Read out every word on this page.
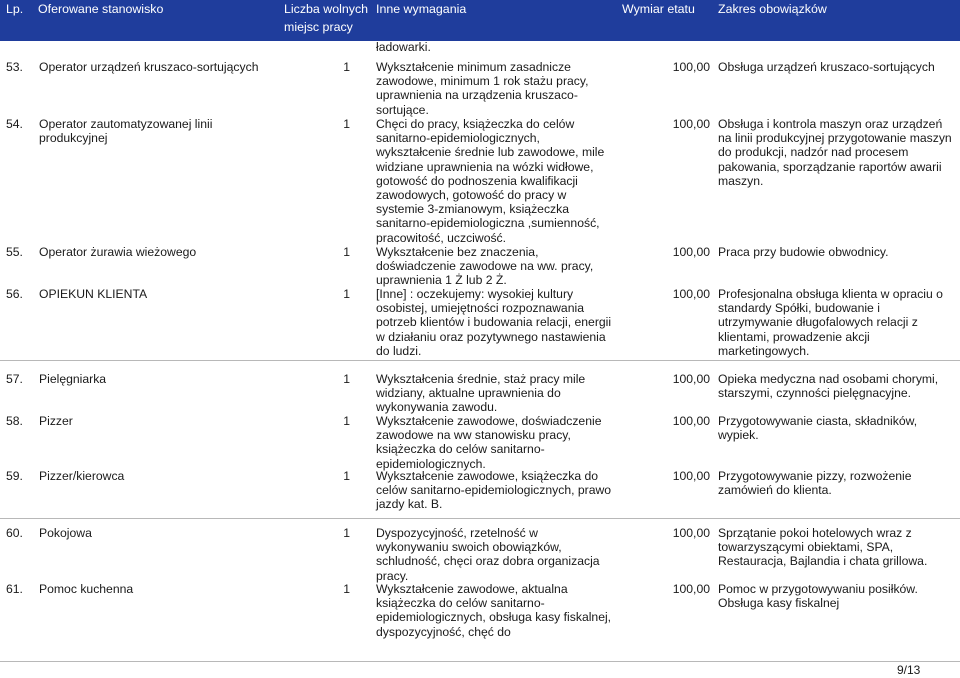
Lp. Oferowane stanowisko	Liczba wolnych
miejsc pracy
Inne wymagania	Wymiar etatu Zakres obowiązków
ładowarki.
53. Operator urządzeń kruszaco-sortujących	1 Wykształcenie minimum zasadnicze
zawodowe, minimum 1 rok stażu pracy,
uprawnienia na urządzenia kruszaco-
sortujące.
100,00 Obsługa urządzeń kruszaco-sortujących
54. Operator zautomatyzowanej linii
produkcyjnej
1 Chęci do pracy, książeczka do celów
sanitarno-epidemiologicznych,
wykształcenie średnie lub zawodowe, mile
widziane uprawnienia na wózki widłowe,
gotowość do podnoszenia kwalifikacji
zawodowych, gotowość do pracy w
systemie 3-zmianowym, książeczka
sanitarno-epidemiologiczna ,sumienność,
pracowitość, uczciwość.
100,00 Obsługa i kontrola maszyn oraz urządzeń
na linii produkcyjnej przygotowanie maszyn
do produkcji, nadzór nad procesem
pakowania, sporządzanie raportów awarii
maszyn.
55. Operator żurawia wieżowego	1 Wykształcenie bez znaczenia,
doświadczenie zawodowe na ww. pracy,
uprawnienia 1 Ż lub 2 Ż.
100,00 Praca przy budowie obwodnicy.
56. OPIEKUN KLIENTA	1 [Inne] : oczekujemy: wysokiej kultury
osobistej, umiejętności rozpoznawania
potrzeb klientów i budowania relacji, energii
w działaniu oraz pozytywnego nastawienia
do ludzi.
100,00 Profesjonalna obsługa klienta w opraciu o
standardy Spółki, budowanie i
utrzymywanie długofalowych relacji z
klientami, prowadzenie akcji
marketingowych.
57. Pielęgniarka	1 Wykształcenia średnie, staż pracy mile
widziany, aktualne uprawnienia do
wykonywania zawodu.
100,00 Opieka medyczna nad osobami chorymi,
starszymi, czynności pielęgnacyjne.
58. Pizzer	1 Wykształcenie zawodowe, doświadczenie
zawodowe na ww stanowisku pracy,
książeczka do celów sanitarno-
epidemiologicznych.
100,00 Przygotowywanie ciasta, składników,
wypiek.
59. Pizzer/kierowca	1 Wykształcenie zawodowe, książeczka do
celów sanitarno-epidemiologicznych, prawo
jazdy kat. B.
100,00 Przygotowywanie pizzy, rozwożenie
zamówień do klienta.
60. Pokojowa	1 Dyspozycyjność, rzetelność w
wykonywaniu swoich obowiązków,
schludność, chęci oraz dobra organizacja
pracy.
100,00 Sprzątanie pokoi hotelowych wraz z
towarzyszącymi obiektami, SPA,
Restauracja, Bajlandia i chata grillowa.
61. Pomoc kuchenna	1 Wykształcenie zawodowe, aktualna
książeczka do celów sanitarno-
epidemiologicznych, obsługa kasy fiskalnej,
dyspozycyjność, chęć do
100,00 Pomoc w przygotowywaniu posiłków.
Obsługa kasy fiskalnej
9/13
